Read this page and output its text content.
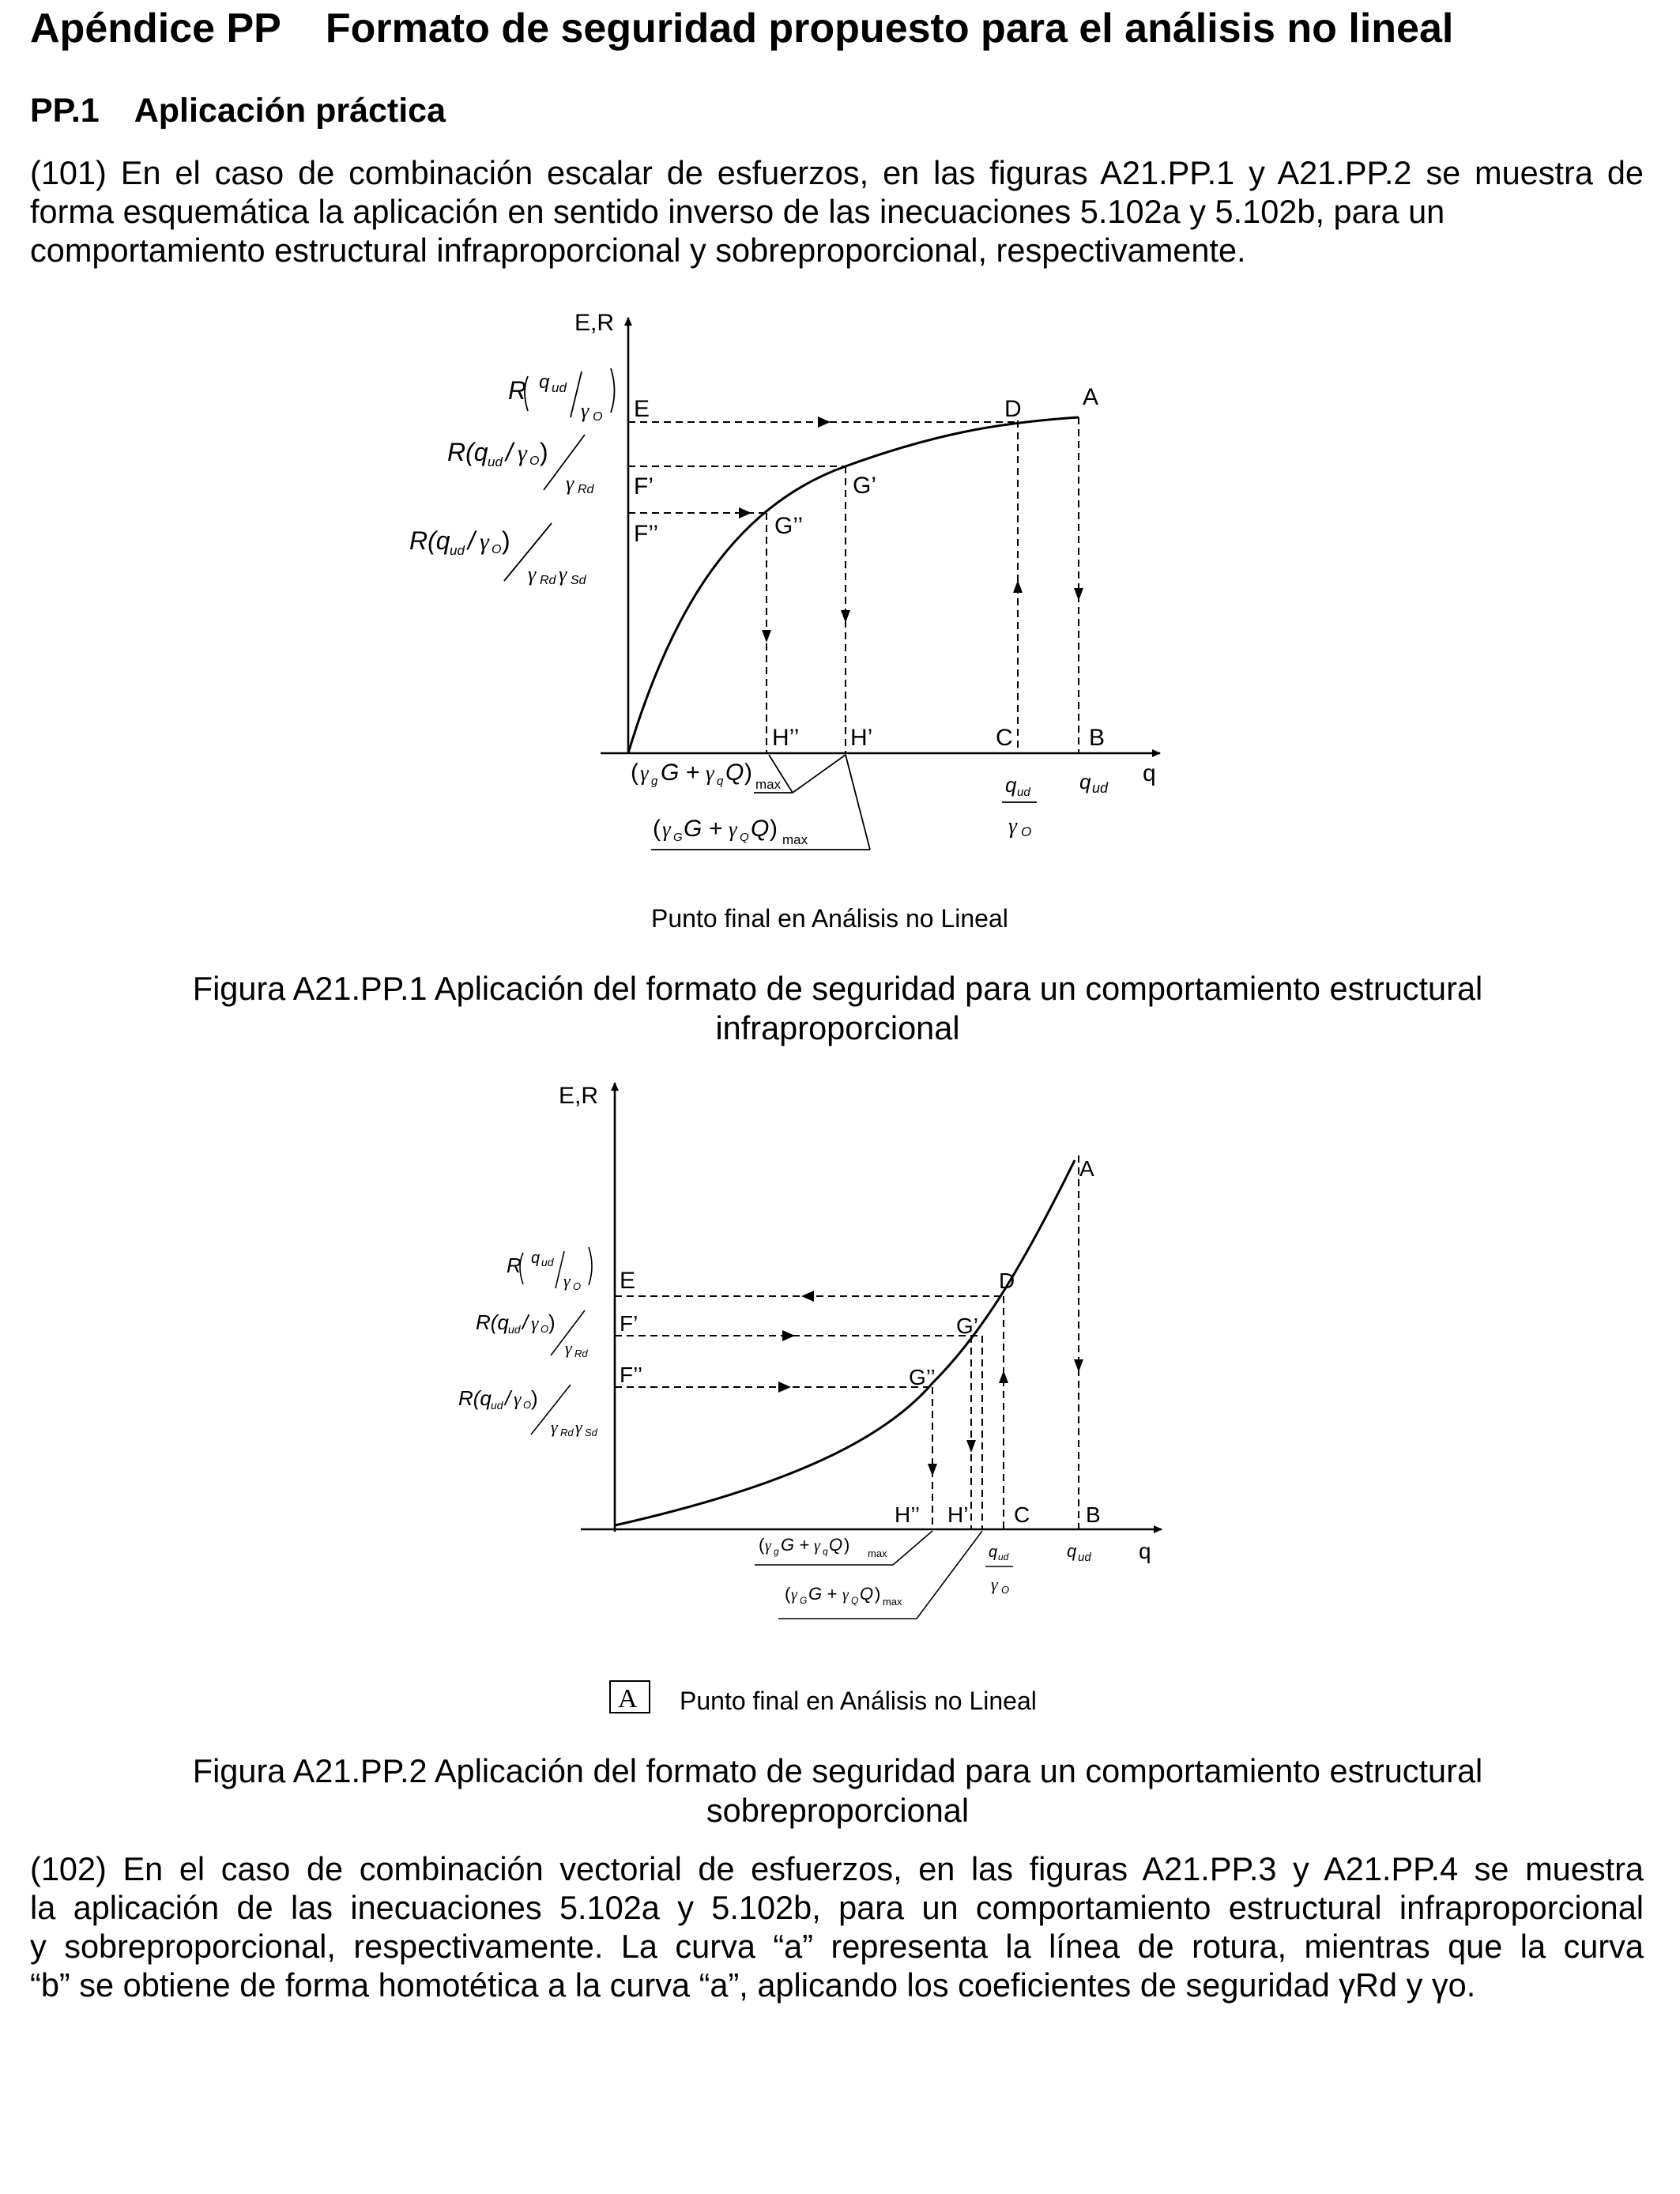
Apéndice PP Formato de seguridad propuesto para el análisis no lineal
PP.1 Aplicación práctica
(101) En el caso de combinación escalar de esfuerzos, en las figuras A21.PP.1 y A21.PP.2 se muestra de forma esquemática la aplicación en sentido inverso de las inecuaciones 5.102a y 5.102b, para un
comportamiento estructural infraproporcional y sobreproporcional, respectivamente.
E,R
R q ud
γ O
R(q ud / γ O )
γ Rd
R(q ud / γ O )
γ Rd γ Sd
E
F’
F’’
G’
G’’
D	A
H’’ H’	C	B
q
( γ g G + γ q Q ) max
( γ G G + γ Q Q ) max
q ud
γ O
q ud
Punto final en Análisis no Lineal
Figura A21.PP.1 Aplicación del formato de seguridad para un comportamiento estructural
infraproporcional
E,R
R q ud
γ O
R(q ud / γ O )
γ Rd
R(q ud / γ O )
γ Rd γ Sd
E
F’
F’’
D
G’
G’’
A
H’’ H’ C	B
q
( γ g G + γ q Q ) max
( γ G G + γ Q Q ) max
q ud
γ O
q ud
A Punto final en Análisis no Lineal
Figura A21.PP.2 Aplicación del formato de seguridad para un comportamiento estructural
sobreproporcional
(102) En el caso de combinación vectorial de esfuerzos, en las figuras A21.PP.3 y A21.PP.4 se muestra
la aplicación de las inecuaciones 5.102a y 5.102b, para un comportamiento estructural infraproporcional
y sobreproporcional, respectivamente. La curva “a” representa la línea de rotura, mientras que la curva
“b” se obtiene de forma homotética a la curva “a”, aplicando los coeficientes de seguridad γRd y γo.
